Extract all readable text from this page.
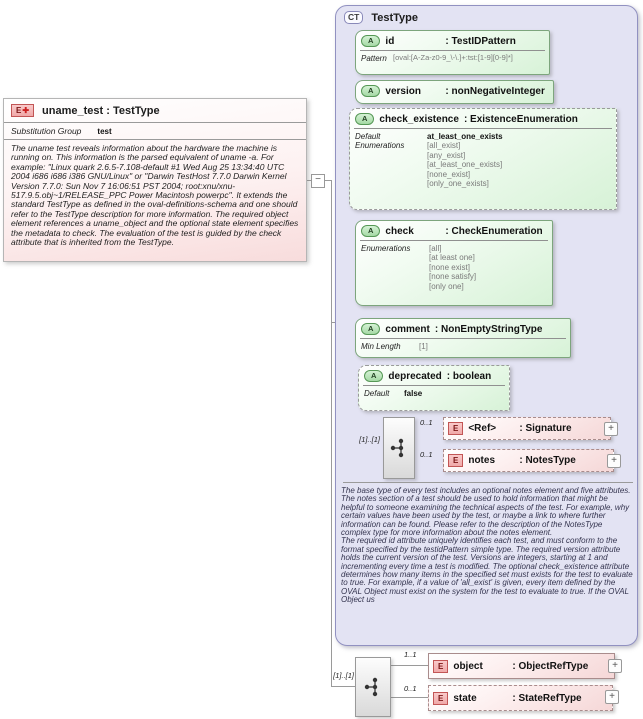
−
CT	TestType
A	id	: TestIDPattern
Pattern [oval:[A-Za-z0-9_\-\.]+:tst:[1-9][0-9]*]
A	version	: nonNegativeInteger
A	check_existence : ExistenceEnumeration
Default	at_least_one_exists
Enumerations	[all_exist]
[any_exist]
[at_least_one_exists]
[none_exist]
[only_one_exists]
A	check	: CheckEnumeration
Enumerations	[all]
[at least one]
[none exist]
[none satisfy]
[only one]
A	comment : NonEmptyStringType
Min Length	[1]
A	deprecated : boolean
Default	false
[1]..[1]
0..1
E	<Ref>	: Signature	+
0..1
E	notes	: NotesType	+

The base type of every test includes an optional notes element and five attributes. The notes section of a test should be used to hold information that might be helpful to someone examining the technical aspects of the test. For example, why certain values have been used by the test, or maybe a link to where further information can be found. Please refer to the description of the NotesType complex type for more information about the notes element.

The required id attribute uniquely identifies each test, and must conform to the format specified by the testidPattern simple type. The required version attribute holds the current version of the test. Versions are integers, starting at 1 and incrementing every time a test is modified. The optional check_existence attribute determines how many items in the specified set must exists for the test to evaluate to true. For example, if a value of 'all_exist' is given, every item defined by the OVAL Object must exist on the system for the test to evaluate to true. If the OVAL Object us

[1]..[1]
1..1
E	object	: ObjectRefType	+
0..1
E	state	: StateRefType	+
E✚	uname_test : TestType
Substitution Group test
The uname test reveals information about the hardware the machine is running on. This information is the parsed equivalent of uname -a. For example: "Linux quark 2.6.5-7.108-default #1 Wed Aug 25 13:34:40 UTC 2004 i686 i686 i386 GNU/Linux" or "Darwin TestHost 7.7.0 Darwin Kernel Version 7.7.0: Sun Nov 7 16:06:51 PST 2004; root:xnu/xnu-517.9.5.obj~1/RELEASE_PPC Power Macintosh powerpc". It extends the standard TestType as defined in the oval-definitions-schema and one should refer to the TestType description for more information. The required object element references a uname_object and the optional state element specifies the metadata to check. The evaluation of the test is guided by the check attribute that is inherited from the TestType.
